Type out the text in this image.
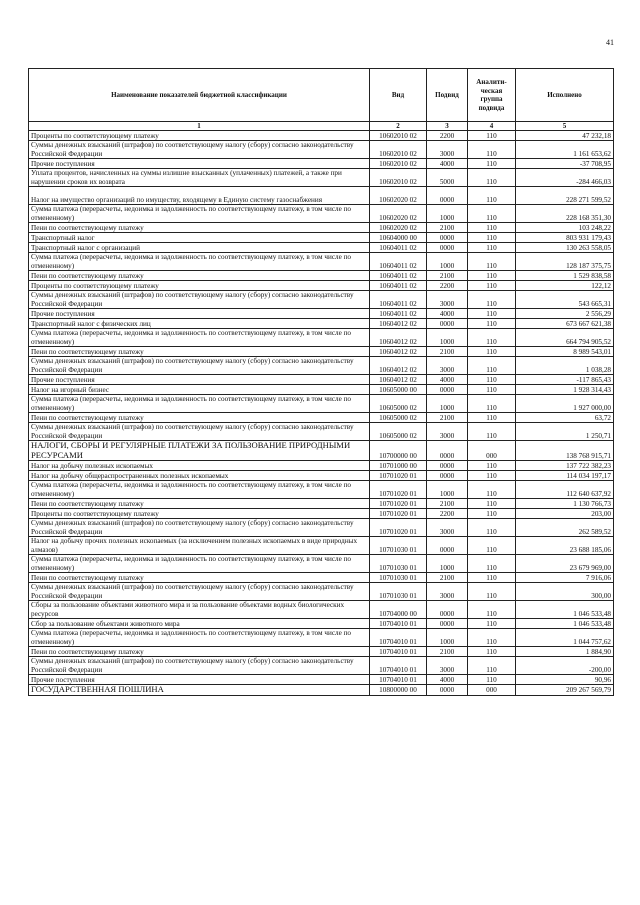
41
Наименование показателей бюджетной классификации	Вид	Подвид	Аналити-ческая группа подвида	Исполнено
1	2	3	4	5
Проценты по соответствующему платежу	10602010 02	2200	110	47 232,18
Суммы денежных взысканий (штрафов) по соответствующему налогу (сбору) согласно законодательству Российской Федерации	10602010 02	3000	110	1 161 653,62
Прочие поступления	10602010 02	4000	110	-37 708,95
Уплата процентов, начисленных на суммы излишне взысканных (уплаченных) платежей, а также при нарушении сроков их возврата	10602010 02	5000	110	-284 466,03
Налог на имущество организаций по имуществу, входящему в Единую систему газоснабжения	10602020 02	0000	110	228 271 599,52
Сумма платежа (перерасчеты, недоимка и задолженность по соответствующему платежу, в том числе по отмененному)	10602020 02	1000	110	228 168 351,30
Пени по соответствующему платежу	10602020 02	2100	110	103 248,22
Транспортный налог	10604000 00	0000	110	803 931 179,43
Транспортный налог с организаций	10604011 02	0000	110	130 263 558,05
Сумма платежа (перерасчеты, недоимка и задолженность по соответствующему платежу, в том числе по отмененному)	10604011 02	1000	110	128 187 375,75
Пени по соответствующему платежу	10604011 02	2100	110	1 529 838,58
Проценты по соответствующему платежу	10604011 02	2200	110	122,12
Суммы денежных взысканий (штрафов) по соответствующему налогу (сбору) согласно законодательству Российской Федерации	10604011 02	3000	110	543 665,31
Прочие поступления	10604011 02	4000	110	2 556,29
Транспортный налог с физических лиц	10604012 02	0000	110	673 667 621,38
Сумма платежа (перерасчеты, недоимка и задолженность по соответствующему платежу, в том числе по отмененному)	10604012 02	1000	110	664 794 905,52
Пени по соответствующему платежу	10604012 02	2100	110	8 989 543,01
Суммы денежных взысканий (штрафов) по соответствующему налогу (сбору) согласно законодательству Российской Федерации	10604012 02	3000	110	1 038,28
Прочие поступления	10604012 02	4000	110	-117 865,43
Налог на игорный бизнес	10605000 00	0000	110	1 928 314,43
Сумма платежа (перерасчеты, недоимка и задолженность по соответствующему платежу, в том числе по отмененному)	10605000 02	1000	110	1 927 000,00
Пени по соответствующему платежу	10605000 02	2100	110	63,72
Суммы денежных взысканий (штрафов) по соответствующему налогу (сбору) согласно законодательству Российской Федерации	10605000 02	3000	110	1 250,71
НАЛОГИ, СБОРЫ И РЕГУЛЯРНЫЕ ПЛАТЕЖИ ЗА ПОЛЬЗОВАНИЕ ПРИРОДНЫМИ РЕСУРСАМИ	10700000 00	0000	000	138 768 915,71
Налог на добычу полезных ископаемых	10701000 00	0000	110	137 722 382,23
Налог на добычу общераспространенных полезных ископаемых	10701020 01	0000	110	114 034 197,17
Сумма платежа (перерасчеты, недоимка и задолженность по соответствующему платежу, в том числе по отмененному)	10701020 01	1000	110	112 640 637,92
Пени по соответствующему платежу	10701020 01	2100	110	1 130 766,73
Проценты по соответствующему платежу	10701020 01	2200	110	203,00
Суммы денежных взысканий (штрафов) по соответствующему налогу (сбору) согласно законодательству Российской Федерации	10701020 01	3000	110	262 589,52
Налог на добычу прочих полезных ископаемых (за исключением полезных ископаемых в виде природных алмазов)	10701030 01	0000	110	23 688 185,06
Сумма платежа (перерасчеты, недоимка и задолженность по соответствующему платежу, в том числе по отмененному)	10701030 01	1000	110	23 679 969,00
Пени по соответствующему платежу	10701030 01	2100	110	7 916,06
Суммы денежных взысканий (штрафов) по соответствующему налогу (сбору) согласно законодательству Российской Федерации	10701030 01	3000	110	300,00
Сборы за пользование объектами животного мира и за пользование объектами водных биологических ресурсов	10704000 00	0000	110	1 046 533,48
Сбор за пользование объектами животного мира	10704010 01	0000	110	1 046 533,48
Сумма платежа (перерасчеты, недоимка и задолженность по соответствующему платежу, в том числе по отмененному)	10704010 01	1000	110	1 044 757,62
Пени по соответствующему платежу	10704010 01	2100	110	1 884,90
Суммы денежных взысканий (штрафов) по соответствующему налогу (сбору) согласно законодательству Российской Федерации	10704010 01	3000	110	-200,00
Прочие поступления	10704010 01	4000	110	90,96
ГОСУДАРСТВЕННАЯ ПОШЛИНА	10800000 00	0000	000	209 267 569,79
